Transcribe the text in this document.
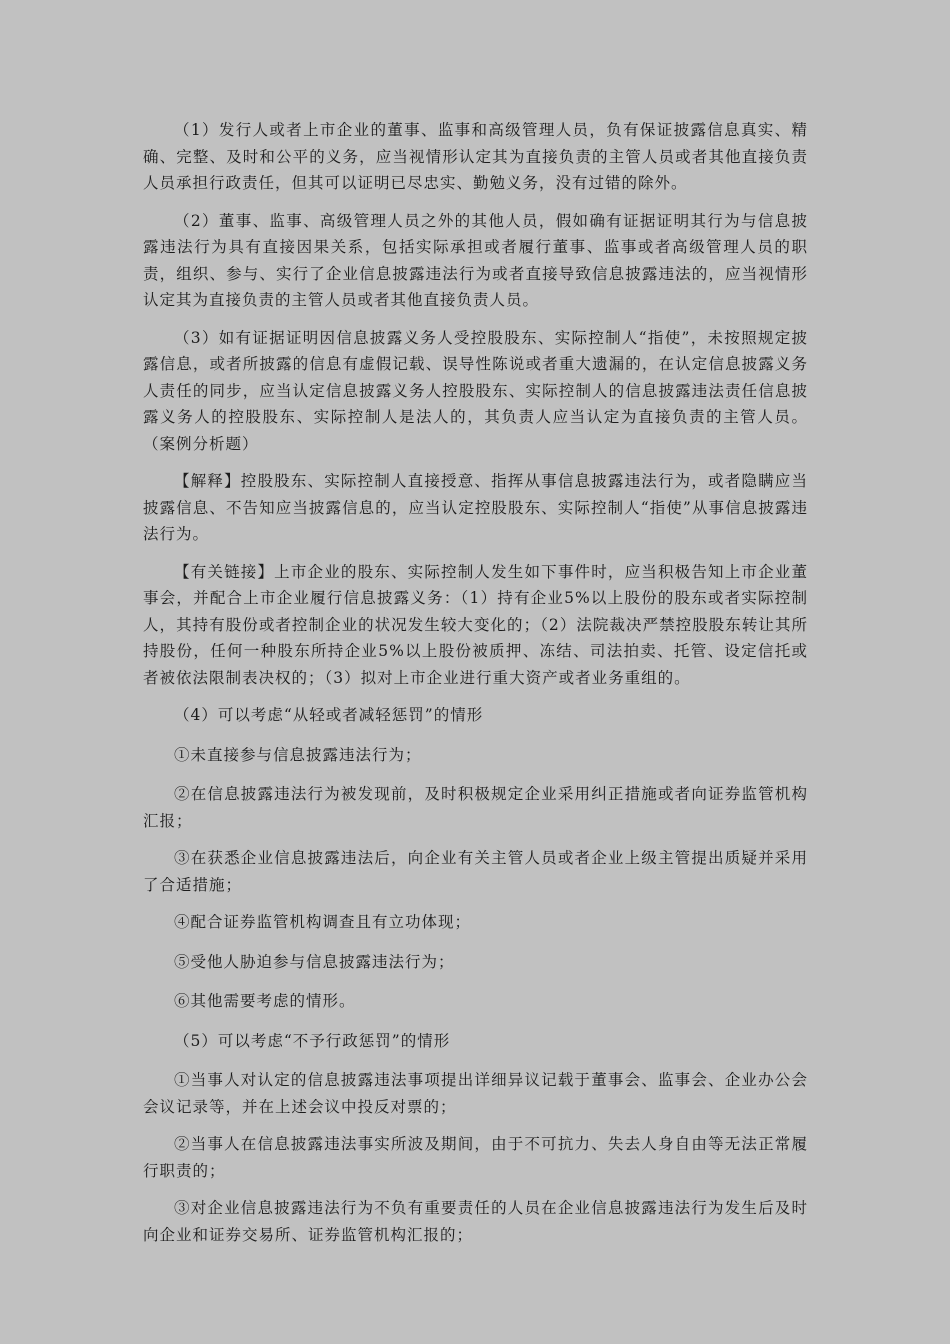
（1）发行人或者上市企业的董事、监事和高级管理人员，负有保证披露信息真实、精确、完整、及时和公平的义务，应当视情形认定其为直接负责的主管人员或者其他直接负责人员承担行政责任，但其可以证明已尽忠实、勤勉义务，没有过错的除外。

（2）董事、监事、高级管理人员之外的其他人员，假如确有证据证明其行为与信息披露违法行为具有直接因果关系，包括实际承担或者履行董事、监事或者高级管理人员的职责，组织、参与、实行了企业信息披露违法行为或者直接导致信息披露违法的，应当视情形认定其为直接负责的主管人员或者其他直接负责人员。

（3）如有证据证明因信息披露义务人受控股股东、实际控制人“指使”，未按照规定披露信息，或者所披露的信息有虚假记载、误导性陈说或者重大遗漏的，在认定信息披露义务人责任的同步，应当认定信息披露义务人控股股东、实际控制人的信息披露违法责任信息披露义务人的控股股东、实际控制人是法人的，其负责人应当认定为直接负责的主管人员。（案例分析题）

【解释】控股股东、实际控制人直接授意、指挥从事信息披露违法行为，或者隐瞒应当披露信息、不告知应当披露信息的，应当认定控股股东、实际控制人“指使”从事信息披露违法行为。

【有关链接】上市企业的股东、实际控制人发生如下事件时，应当积极告知上市企业董事会，并配合上市企业履行信息披露义务：（1）持有企业5%以上股份的股东或者实际控制人，其持有股份或者控制企业的状况发生较大变化的；（2）法院裁决严禁控股股东转让其所持股份，任何一种股东所持企业5%以上股份被质押、冻结、司法拍卖、托管、设定信托或者被依法限制表决权的；（3）拟对上市企业进行重大资产或者业务重组的。

（4）可以考虑“从轻或者减轻惩罚”的情形

①未直接参与信息披露违法行为；

②在信息披露违法行为被发现前，及时积极规定企业采用纠正措施或者向证券监管机构汇报；

③在获悉企业信息披露违法后，向企业有关主管人员或者企业上级主管提出质疑并采用了合适措施；

④配合证券监管机构调查且有立功体现；

⑤受他人胁迫参与信息披露违法行为；

⑥其他需要考虑的情形。

（5）可以考虑“不予行政惩罚”的情形

①当事人对认定的信息披露违法事项提出详细异议记载于董事会、监事会、企业办公会会议记录等，并在上述会议中投反对票的；

②当事人在信息披露违法事实所波及期间，由于不可抗力、失去人身自由等无法正常履行职责的；

③对企业信息披露违法行为不负有重要责任的人员在企业信息披露违法行为发生后及时向企业和证券交易所、证券监管机构汇报的；
